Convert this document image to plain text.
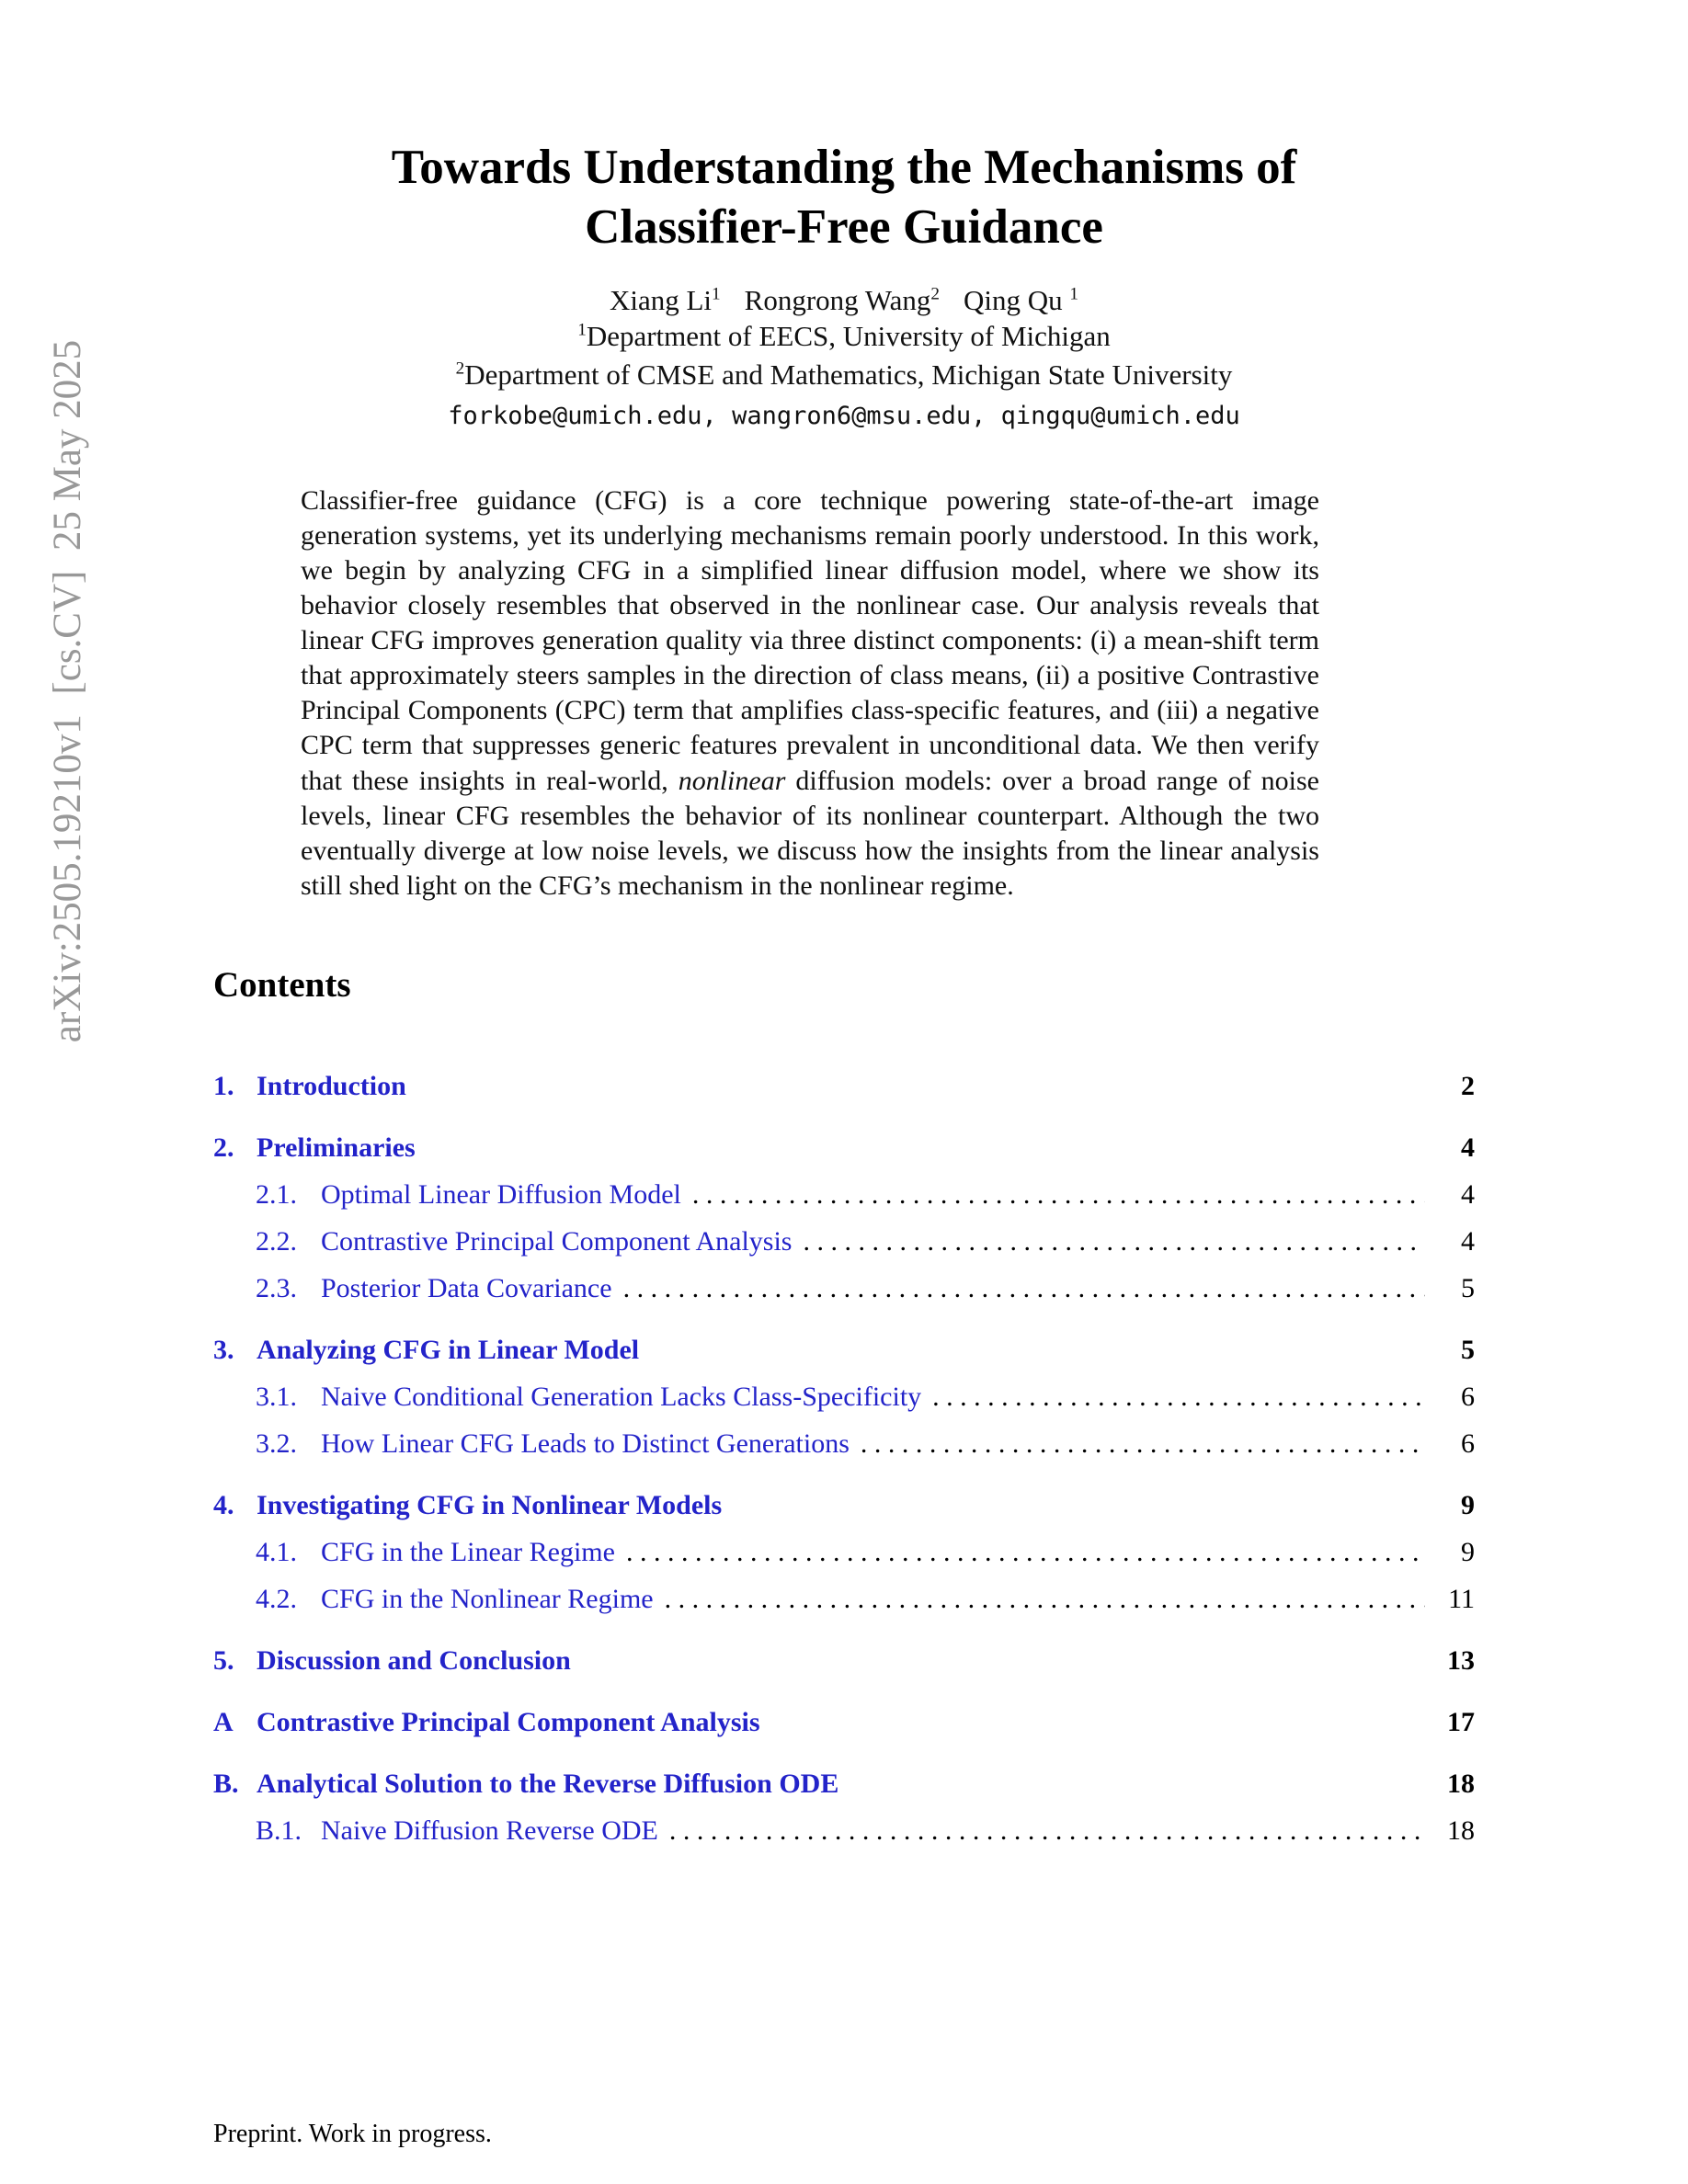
arXiv:2505.19210v1  [cs.CV]  25 May 2025
Towards Understanding the Mechanisms of
Classifier-Free Guidance
Xiang Li$^1$ Rongrong Wang$^2$ Qing Qu $^1$
$^1$Department of EECS, University of Michigan
$^2$Department of CMSE and Mathematics, Michigan State University
forkobe@umich.edu, wangron6@msu.edu, qingqu@umich.edu

Classifier-free guidance (CFG) is a core technique powering state-of-the-art image generation systems, yet its underlying mechanisms remain poorly understood. In this work, we begin by analyzing CFG in a simplified linear diffusion model, where we show its behavior closely resembles that observed in the nonlinear case. Our analysis reveals that linear CFG improves generation quality via three distinct components: (i) a mean-shift term that approximately steers samples in the direction of class means, (ii) a positive Contrastive Principal Components (CPC) term that amplifies class-specific features, and (iii) a negative CPC term that suppresses generic features prevalent in unconditional data. We then verify that these insights in real-world, nonlinear diffusion models: over a broad range of noise levels, linear CFG resembles the behavior of its nonlinear counterpart. Although the two eventually diverge at low noise levels, we discuss how the insights from the linear analysis still shed light on the CFG’s mechanism in the nonlinear regime.

Contents
1. Introduction	2
2. Preliminaries	4
2.1. Optimal Linear Diffusion Model . . .	4
2.2. Contrastive Principal Component Analysis . . .	4
2.3. Posterior Data Covariance . . .	5
3. Analyzing CFG in Linear Model	5
3.1. Naive Conditional Generation Lacks Class-Specificity . . .	6
3.2. How Linear CFG Leads to Distinct Generations . . .	6
4. Investigating CFG in Nonlinear Models	9
4.1. CFG in the Linear Regime . . .	9
4.2. CFG in the Nonlinear Regime . . .	11
5. Discussion and Conclusion	13
A Contrastive Principal Component Analysis	17
B. Analytical Solution to the Reverse Diffusion ODE	18
B.1. Naive Diffusion Reverse ODE . . .	18
Preprint. Work in progress.
